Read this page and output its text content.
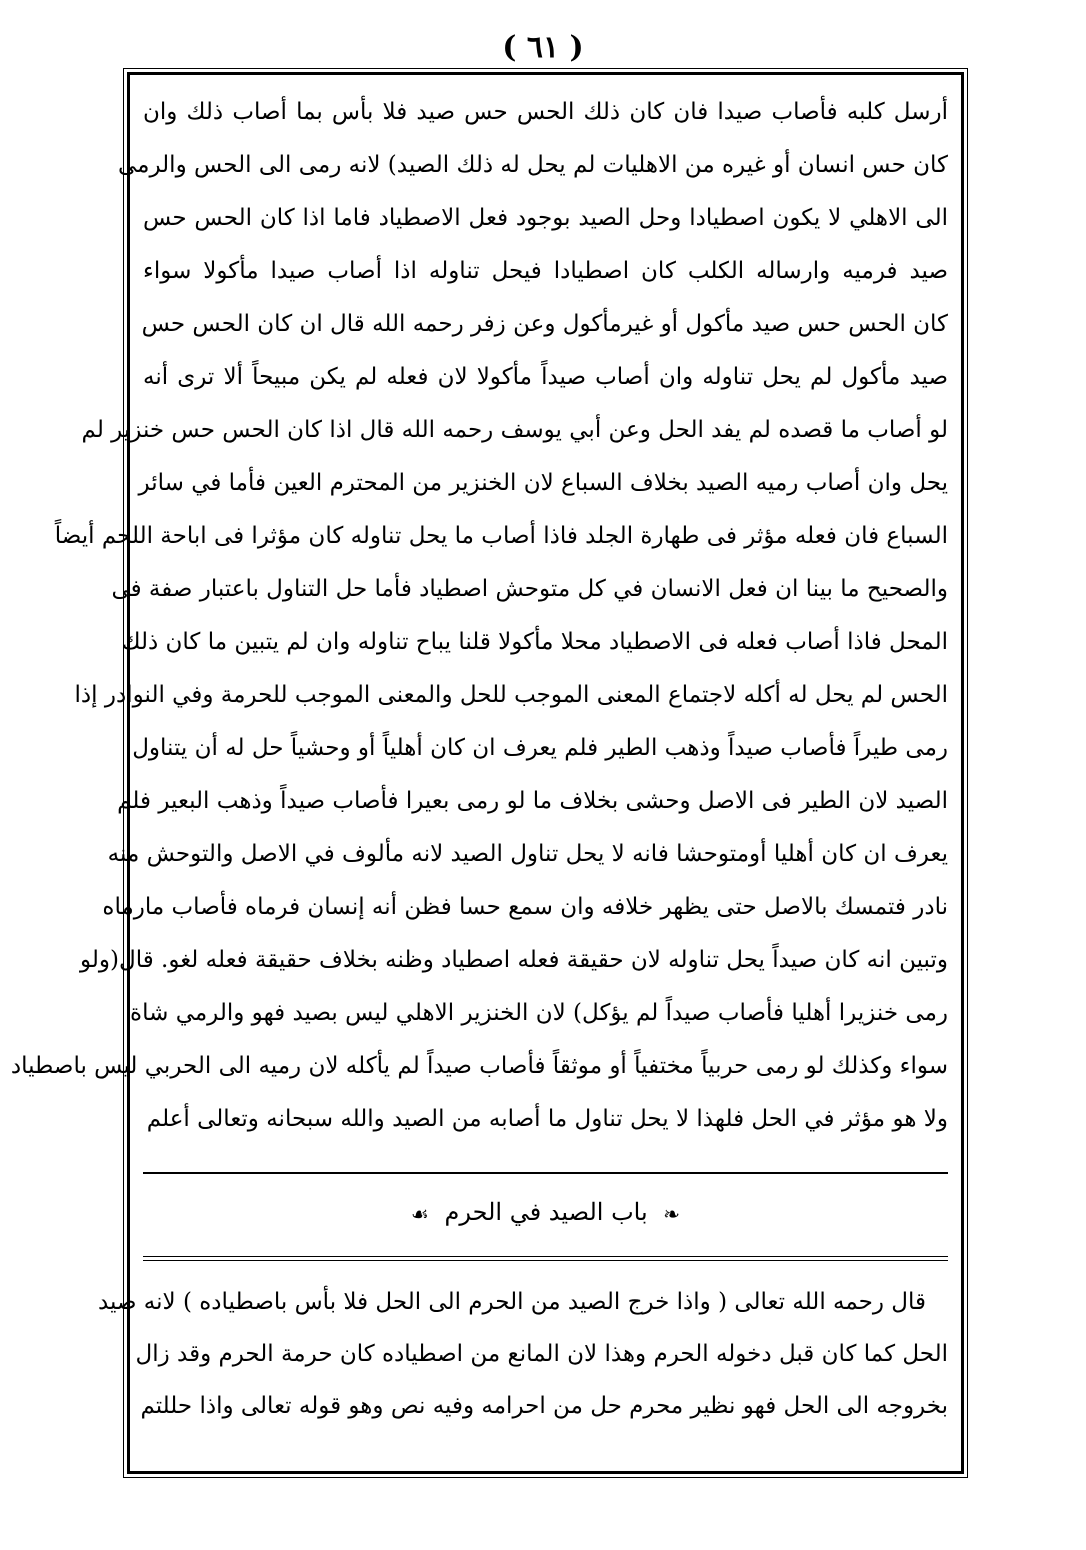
( ٦١ )
أرسل كلبه فأصاب صيدا فان كان ذلك الحس حس صيد فلا بأس بما أصاب ذلك وان
كان حس انسان أو غيره من الاهليات لم يحل له ذلك الصيد) لانه رمى الى الحس والرمى
الى الاهلي لا يكون اصطيادا وحل الصيد بوجود فعل الاصطياد فاما اذا كان الحس حس
صيد فرميه وارساله الكلب كان اصطيادا فيحل تناوله اذا أصاب صيدا مأكولا سواء
كان الحس حس صيد مأكول أو غيرمأكول وعن زفر رحمه الله قال ان كان الحس حس
صيد مأكول لم يحل تناوله وان أصاب صيداً مأكولا لان فعله لم يكن مبيحاً ألا ترى أنه
لو أصاب ما قصده لم يفد الحل وعن أبي يوسف رحمه الله قال اذا كان الحس حس خنزير لم
يحل وان أصاب رميه الصيد بخلاف السباع لان الخنزير من المحترم العين فأما في سائر
السباع فان فعله مؤثر فى طهارة الجلد فاذا أصاب ما يحل تناوله كان مؤثرا فى اباحة اللحم أيضاً
والصحيح ما بينا ان فعل الانسان في كل متوحش اصطياد فأما حل التناول باعتبار صفة فى
المحل فاذا أصاب فعله فى الاصطياد محلا مأكولا قلنا يباح تناوله وان لم يتبين ما كان ذلك
الحس لم يحل له أكله لاجتماع المعنى الموجب للحل والمعنى الموجب للحرمة وفي النوادر إذا
رمى طيراً فأصاب صيداً وذهب الطير فلم يعرف ان كان أهلياً أو وحشياً حل له أن يتناول
الصيد لان الطير فى الاصل وحشى بخلاف ما لو رمى بعيرا فأصاب صيداً وذهب البعير فلم
يعرف ان كان أهليا أومتوحشا فانه لا يحل تناول الصيد لانه مألوف في الاصل والتوحش منه
نادر فتمسك بالاصل حتى يظهر خلافه وان سمع حسا فظن أنه إنسان فرماه فأصاب مارماه
وتبين انه كان صيداً يحل تناوله لان حقيقة فعله اصطياد وظنه بخلاف حقيقة فعله لغو. قال(ولو
رمى خنزيرا أهليا فأصاب صيداً لم يؤكل) لان الخنزير الاهلي ليس بصيد فهو والرمي شاة
سواء وكذلك لو رمى حربياً مختفياً أو موثقاً فأصاب صيداً لم يأكله لان رميه الى الحربي ليس باصطياد
ولا هو مؤثر في الحل فلهذا لا يحل تناول ما أصابه من الصيد والله سبحانه وتعالى أعلم
❧ باب الصيد في الحرم ☙
قال رحمه الله تعالى ( واذا خرج الصيد من الحرم الى الحل فلا بأس باصطياده ) لانه صيد
الحل كما كان قبل دخوله الحرم وهذا لان المانع من اصطياده كان حرمة الحرم وقد زال
بخروجه الى الحل فهو نظير محرم حل من احرامه وفيه نص وهو قوله تعالى واذا حللتم
